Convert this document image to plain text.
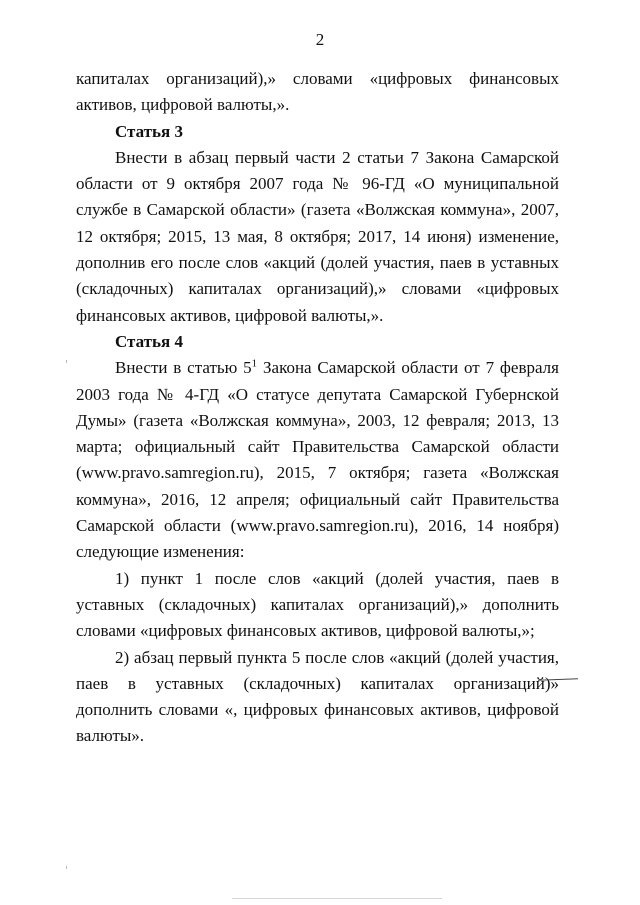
2

капиталах организаций),» словами «цифровых финансовых активов, цифровой валюты,».

Статья 3

Внести в абзац первый части 2 статьи 7 Закона Самарской области от 9 октября 2007 года № 96-ГД «О муниципальной службе в Самарской области» (газета «Волжская коммуна», 2007, 12 октября; 2015, 13 мая, 8 октября; 2017, 14 июня) изменение, дополнив его после слов «акций (долей участия, паев в уставных (складочных) капиталах организаций),» словами «цифровых финансовых активов, цифровой валюты,».

Статья 4

Внести в статью $5^1$ Закона Самарской области от 7 февраля 2003 года № 4-ГД «О статусе депутата Самарской Губернской Думы» (газета «Волжская коммуна», 2003, 12 февраля; 2013, 13 марта; официальный сайт Правительства Самарской области (www.pravo.samregion.ru), 2015, 7 октября; газета «Волжская коммуна», 2016, 12 апреля; официальный сайт Правительства Самарской области (www.pravo.samregion.ru), 2016, 14 ноября) следующие изменения:

1) пункт 1 после слов «акций (долей участия, паев в уставных (складочных) капиталах организаций),» дополнить словами «цифровых финансовых активов, цифровой валюты,»;

2) абзац первый пункта 5 после слов «акций (долей участия, паев в уставных (складочных) капиталах организаций)» дополнить словами «, цифровых финансовых активов, цифровой валюты».
